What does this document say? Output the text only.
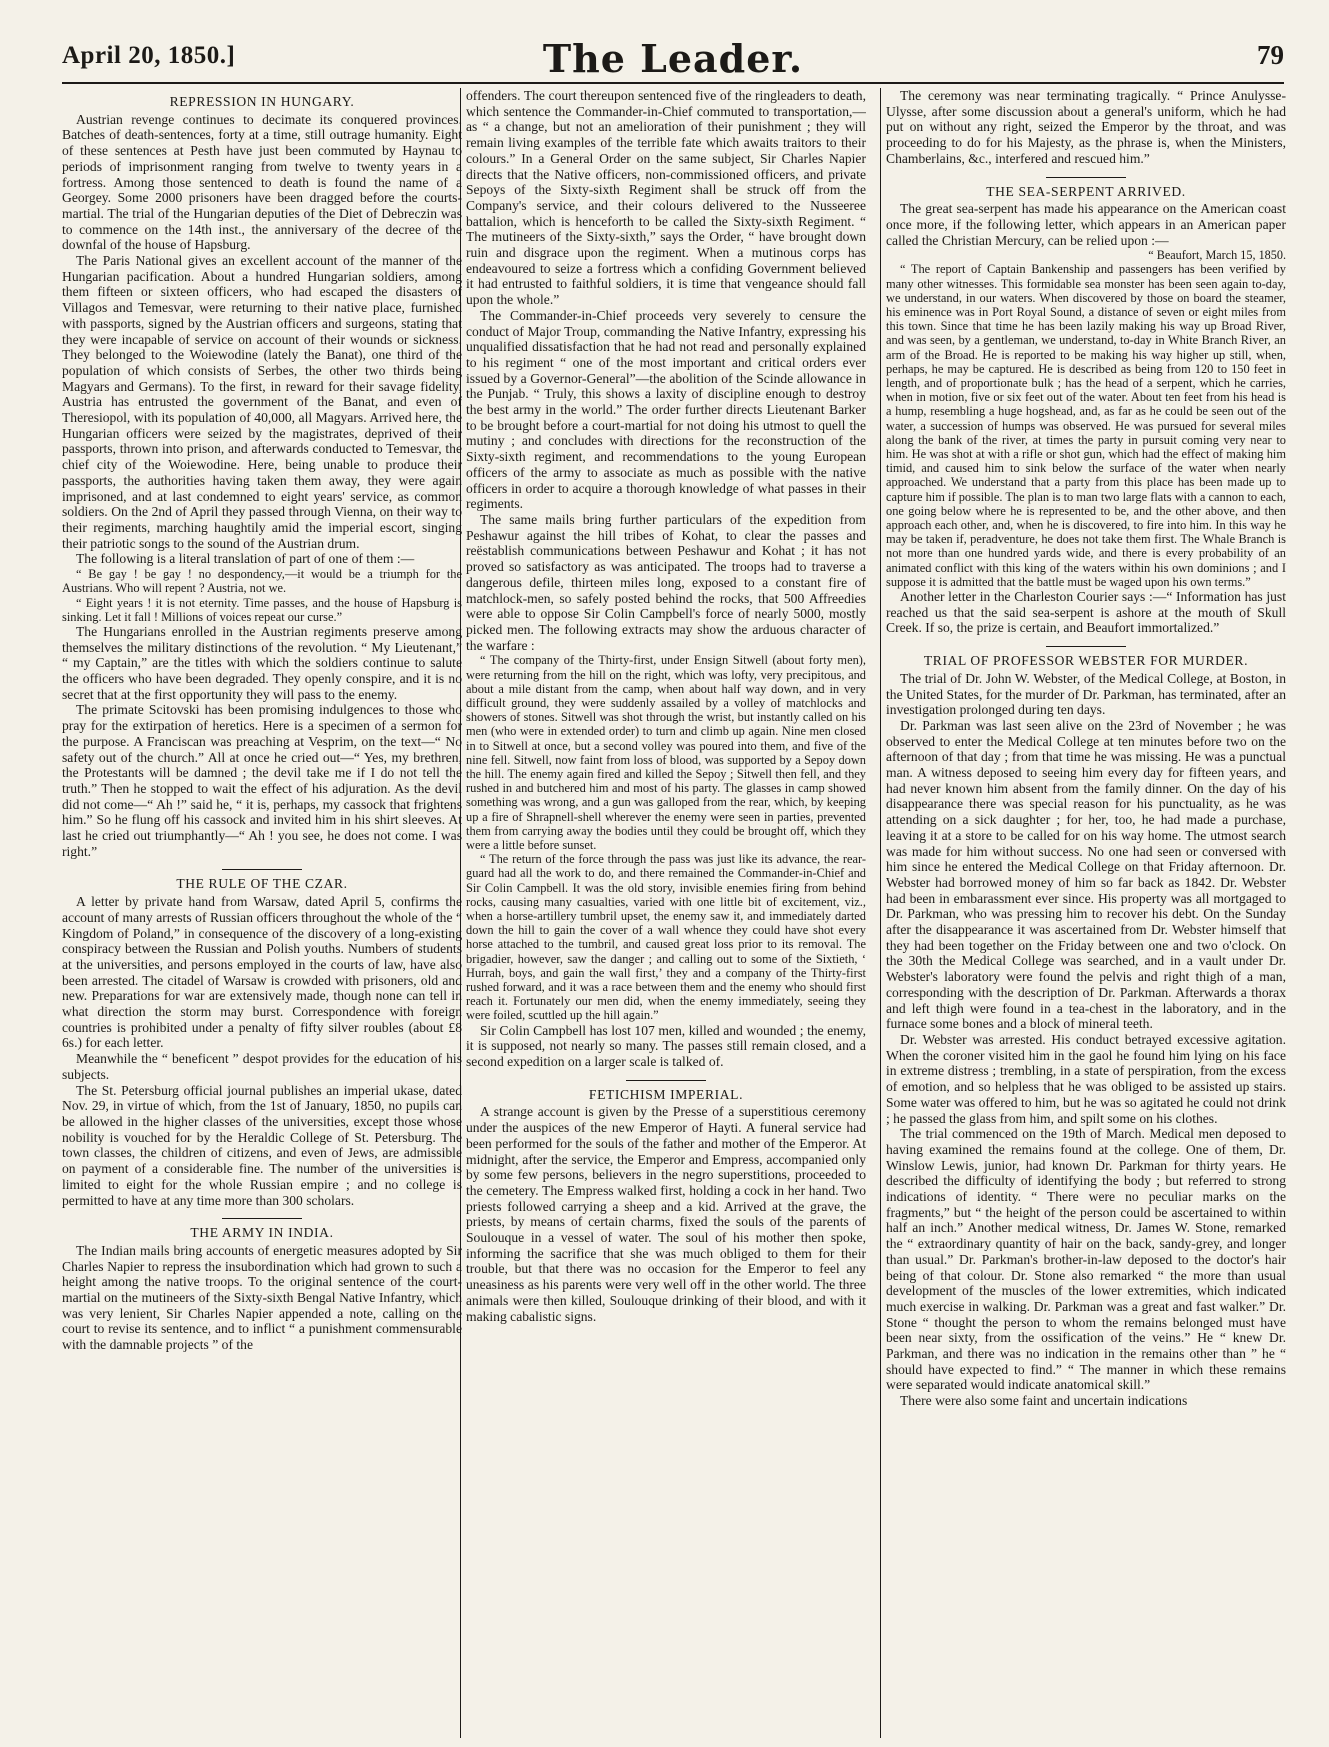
April 20, 1850.]	The Leader.	79
REPRESSION IN HUNGARY.

Austrian revenge continues to decimate its conquered provinces. Batches of death-sentences, forty at a time, still outrage humanity. Eight of these sentences at Pesth have just been commuted by Haynau to periods of imprisonment ranging from twelve to twenty years in a fortress. Among those sentenced to death is found the name of a Georgey. Some 2000 prisoners have been dragged before the courts-martial. The trial of the Hungarian deputies of the Diet of Debreczin was to commence on the 14th inst., the anniversary of the decree of the downfal of the house of Hapsburg.

The Paris National gives an excellent account of the manner of the Hungarian pacification. About a hundred Hungarian soldiers, among them fifteen or sixteen officers, who had escaped the disasters of Villagos and Temesvar, were returning to their native place, furnished with passports, signed by the Austrian officers and surgeons, stating that they were incapable of service on account of their wounds or sickness. They belonged to the Woiewodine (lately the Banat), one third of the population of which consists of Serbes, the other two thirds being Magyars and Germans). To the first, in reward for their savage fidelity, Austria has entrusted the government of the Banat, and even of Theresiopol, with its population of 40,000, all Magyars. Arrived here, the Hungarian officers were seized by the magistrates, deprived of their passports, thrown into prison, and afterwards conducted to Temesvar, the chief city of the Woiewodine. Here, being unable to produce their passports, the authorities having taken them away, they were again imprisoned, and at last condemned to eight years' service, as common soldiers. On the 2nd of April they passed through Vienna, on their way to their regiments, marching haughtily amid the imperial escort, singing their patriotic songs to the sound of the Austrian drum.

The following is a literal translation of part of one of them :—

“ Be gay ! be gay ! no despondency,—it would be a triumph for the Austrians. Who will repent ? Austria, not we.

“ Eight years ! it is not eternity. Time passes, and the house of Hapsburg is sinking. Let it fall ! Millions of voices repeat our curse.”

The Hungarians enrolled in the Austrian regiments preserve among themselves the military distinctions of the revolution. “ My Lieutenant,” “ my Captain,” are the titles with which the soldiers continue to salute the officers who have been degraded. They openly conspire, and it is no secret that at the first opportunity they will pass to the enemy.

The primate Scitovski has been promising indulgences to those who pray for the extirpation of heretics. Here is a specimen of a sermon for the purpose. A Franciscan was preaching at Vesprim, on the text—“ No safety out of the church.” All at once he cried out—“ Yes, my brethren, the Protestants will be damned ; the devil take me if I do not tell the truth.” Then he stopped to wait the effect of his adjuration. As the devil did not come—“ Ah !” said he, “ it is, perhaps, my cassock that frightens him.” So he flung off his cassock and invited him in his shirt sleeves. At last he cried out triumphantly—“ Ah ! you see, he does not come. I was right.”

THE RULE OF THE CZAR.

A letter by private hand from Warsaw, dated April 5, confirms the account of many arrests of Russian officers throughout the whole of the “ Kingdom of Poland,” in consequence of the discovery of a long-existing conspiracy between the Russian and Polish youths. Numbers of students at the universities, and persons employed in the courts of law, have also been arrested. The citadel of Warsaw is crowded with prisoners, old and new. Preparations for war are extensively made, though none can tell in what direction the storm may burst. Correspondence with foreign countries is prohibited under a penalty of fifty silver roubles (about £8 6s.) for each letter.

Meanwhile the “ beneficent ” despot provides for the education of his subjects.

The St. Petersburg official journal publishes an imperial ukase, dated Nov. 29, in virtue of which, from the 1st of January, 1850, no pupils can be allowed in the higher classes of the universities, except those whose nobility is vouched for by the Heraldic College of St. Petersburg. The town classes, the children of citizens, and even of Jews, are admissible on payment of a considerable fine. The number of the universities is limited to eight for the whole Russian empire ; and no college is permitted to have at any time more than 300 scholars.

THE ARMY IN INDIA.

The Indian mails bring accounts of energetic measures adopted by Sir Charles Napier to repress the insubordination which had grown to such a height among the native troops. To the original sentence of the court-martial on the mutineers of the Sixty-sixth Bengal Native Infantry, which was very lenient, Sir Charles Napier appended a note, calling on the court to revise its sentence, and to inflict “ a punishment commensurable with the damnable projects ” of the

offenders. The court thereupon sentenced five of the ringleaders to death, which sentence the Commander-in-Chief commuted to transportation,—as “ a change, but not an amelioration of their punishment ; they will remain living examples of the terrible fate which awaits traitors to their colours.” In a General Order on the same subject, Sir Charles Napier directs that the Native officers, non-commissioned officers, and private Sepoys of the Sixty-sixth Regiment shall be struck off from the Company's service, and their colours delivered to the Nusseeree battalion, which is henceforth to be called the Sixty-sixth Regiment. “ The mutineers of the Sixty-sixth,” says the Order, “ have brought down ruin and disgrace upon the regiment. When a mutinous corps has endeavoured to seize a fortress which a confiding Government believed it had entrusted to faithful soldiers, it is time that vengeance should fall upon the whole.”

The Commander-in-Chief proceeds very severely to censure the conduct of Major Troup, commanding the Native Infantry, expressing his unqualified dissatisfaction that he had not read and personally explained to his regiment “ one of the most important and critical orders ever issued by a Governor-General”—the abolition of the Scinde allowance in the Punjab. “ Truly, this shows a laxity of discipline enough to destroy the best army in the world.” The order further directs Lieutenant Barker to be brought before a court-martial for not doing his utmost to quell the mutiny ; and concludes with directions for the reconstruction of the Sixty-sixth regiment, and recommendations to the young European officers of the army to associate as much as possible with the native officers in order to acquire a thorough knowledge of what passes in their regiments.

The same mails bring further particulars of the expedition from Peshawur against the hill tribes of Kohat, to clear the passes and reëstablish communications between Peshawur and Kohat ; it has not proved so satisfactory as was anticipated. The troops had to traverse a dangerous defile, thirteen miles long, exposed to a constant fire of matchlock-men, so safely posted behind the rocks, that 500 Affreedies were able to oppose Sir Colin Campbell's force of nearly 5000, mostly picked men. The following extracts may show the arduous character of the warfare :

“ The company of the Thirty-first, under Ensign Sitwell (about forty men), were returning from the hill on the right, which was lofty, very precipitous, and about a mile distant from the camp, when about half way down, and in very difficult ground, they were suddenly assailed by a volley of matchlocks and showers of stones. Sitwell was shot through the wrist, but instantly called on his men (who were in extended order) to turn and climb up again. Nine men closed in to Sitwell at once, but a second volley was poured into them, and five of the nine fell. Sitwell, now faint from loss of blood, was supported by a Sepoy down the hill. The enemy again fired and killed the Sepoy ; Sitwell then fell, and they rushed in and butchered him and most of his party. The glasses in camp showed something was wrong, and a gun was galloped from the rear, which, by keeping up a fire of Shrapnell-shell wherever the enemy were seen in parties, prevented them from carrying away the bodies until they could be brought off, which they were a little before sunset.

“ The return of the force through the pass was just like its advance, the rear-guard had all the work to do, and there remained the Commander-in-Chief and Sir Colin Campbell. It was the old story, invisible enemies firing from behind rocks, causing many casualties, varied with one little bit of excitement, viz., when a horse-artillery tumbril upset, the enemy saw it, and immediately darted down the hill to gain the cover of a wall whence they could have shot every horse attached to the tumbril, and caused great loss prior to its removal. The brigadier, however, saw the danger ; and calling out to some of the Sixtieth, ‘ Hurrah, boys, and gain the wall first,’ they and a company of the Thirty-first rushed forward, and it was a race between them and the enemy who should first reach it. Fortunately our men did, when the enemy immediately, seeing they were foiled, scuttled up the hill again.”

Sir Colin Campbell has lost 107 men, killed and wounded ; the enemy, it is supposed, not nearly so many. The passes still remain closed, and a second expedition on a larger scale is talked of.

FETICHISM IMPERIAL.

A strange account is given by the Presse of a superstitious ceremony under the auspices of the new Emperor of Hayti. A funeral service had been performed for the souls of the father and mother of the Emperor. At midnight, after the service, the Emperor and Empress, accompanied only by some few persons, believers in the negro superstitions, proceeded to the cemetery. The Empress walked first, holding a cock in her hand. Two priests followed carrying a sheep and a kid. Arrived at the grave, the priests, by means of certain charms, fixed the souls of the parents of Soulouque in a vessel of water. The soul of his mother then spoke, informing the sacrifice that she was much obliged to them for their trouble, but that there was no occasion for the Emperor to feel any uneasiness as his parents were very well off in the other world. The three animals were then killed, Soulouque drinking of their blood, and with it making cabalistic signs.

The ceremony was near terminating tragically. “ Prince Anulysse-Ulysse, after some discussion about a general's uniform, which he had put on without any right, seized the Emperor by the throat, and was proceeding to do for his Majesty, as the phrase is, when the Ministers, Chamberlains, &c., interfered and rescued him.”

THE SEA-SERPENT ARRIVED.

The great sea-serpent has made his appearance on the American coast once more, if the following letter, which appears in an American paper called the Christian Mercury, can be relied upon :—

“ Beaufort, March 15, 1850.

“ The report of Captain Bankenship and passengers has been verified by many other witnesses. This formidable sea monster has been seen again to-day, we understand, in our waters. When discovered by those on board the steamer, his eminence was in Port Royal Sound, a distance of seven or eight miles from this town. Since that time he has been lazily making his way up Broad River, and was seen, by a gentleman, we understand, to-day in White Branch River, an arm of the Broad. He is reported to be making his way higher up still, when, perhaps, he may be captured. He is described as being from 120 to 150 feet in length, and of proportionate bulk ; has the head of a serpent, which he carries, when in motion, five or six feet out of the water. About ten feet from his head is a hump, resembling a huge hogshead, and, as far as he could be seen out of the water, a succession of humps was observed. He was pursued for several miles along the bank of the river, at times the party in pursuit coming very near to him. He was shot at with a rifle or shot gun, which had the effect of making him timid, and caused him to sink below the surface of the water when nearly approached. We understand that a party from this place has been made up to capture him if possible. The plan is to man two large flats with a cannon to each, one going below where he is represented to be, and the other above, and then approach each other, and, when he is discovered, to fire into him. In this way he may be taken if, peradventure, he does not take them first. The Whale Branch is not more than one hundred yards wide, and there is every probability of an animated conflict with this king of the waters within his own dominions ; and I suppose it is admitted that the battle must be waged upon his own terms.”

Another letter in the Charleston Courier says :—“ Information has just reached us that the said sea-serpent is ashore at the mouth of Skull Creek. If so, the prize is certain, and Beaufort immortalized.”

TRIAL OF PROFESSOR WEBSTER FOR MURDER.

The trial of Dr. John W. Webster, of the Medical College, at Boston, in the United States, for the murder of Dr. Parkman, has terminated, after an investigation prolonged during ten days.

Dr. Parkman was last seen alive on the 23rd of November ; he was observed to enter the Medical College at ten minutes before two on the afternoon of that day ; from that time he was missing. He was a punctual man. A witness deposed to seeing him every day for fifteen years, and had never known him absent from the family dinner. On the day of his disappearance there was special reason for his punctuality, as he was attending on a sick daughter ; for her, too, he had made a purchase, leaving it at a store to be called for on his way home. The utmost search was made for him without success. No one had seen or conversed with him since he entered the Medical College on that Friday afternoon. Dr. Webster had borrowed money of him so far back as 1842. Dr. Webster had been in embarassment ever since. His property was all mortgaged to Dr. Parkman, who was pressing him to recover his debt. On the Sunday after the disappearance it was ascertained from Dr. Webster himself that they had been together on the Friday between one and two o'clock. On the 30th the Medical College was searched, and in a vault under Dr. Webster's laboratory were found the pelvis and right thigh of a man, corresponding with the description of Dr. Parkman. Afterwards a thorax and left thigh were found in a tea-chest in the laboratory, and in the furnace some bones and a block of mineral teeth.

Dr. Webster was arrested. His conduct betrayed excessive agitation. When the coroner visited him in the gaol he found him lying on his face in extreme distress ; trembling, in a state of perspiration, from the excess of emotion, and so helpless that he was obliged to be assisted up stairs. Some water was offered to him, but he was so agitated he could not drink ; he passed the glass from him, and spilt some on his clothes.

The trial commenced on the 19th of March. Medical men deposed to having examined the remains found at the college. One of them, Dr. Winslow Lewis, junior, had known Dr. Parkman for thirty years. He described the difficulty of identifying the body ; but referred to strong indications of identity. “ There were no peculiar marks on the fragments,” but “ the height of the person could be ascertained to within half an inch.” Another medical witness, Dr. James W. Stone, remarked the “ extraordinary quantity of hair on the back, sandy-grey, and longer than usual.” Dr. Parkman's brother-in-law deposed to the doctor's hair being of that colour. Dr. Stone also remarked “ the more than usual development of the muscles of the lower extremities, which indicated much exercise in walking. Dr. Parkman was a great and fast walker.” Dr. Stone “ thought the person to whom the remains belonged must have been near sixty, from the ossification of the veins.” He “ knew Dr. Parkman, and there was no indication in the remains other than ” he “ should have expected to find.” “ The manner in which these remains were separated would indicate anatomical skill.”

There were also some faint and uncertain indications
